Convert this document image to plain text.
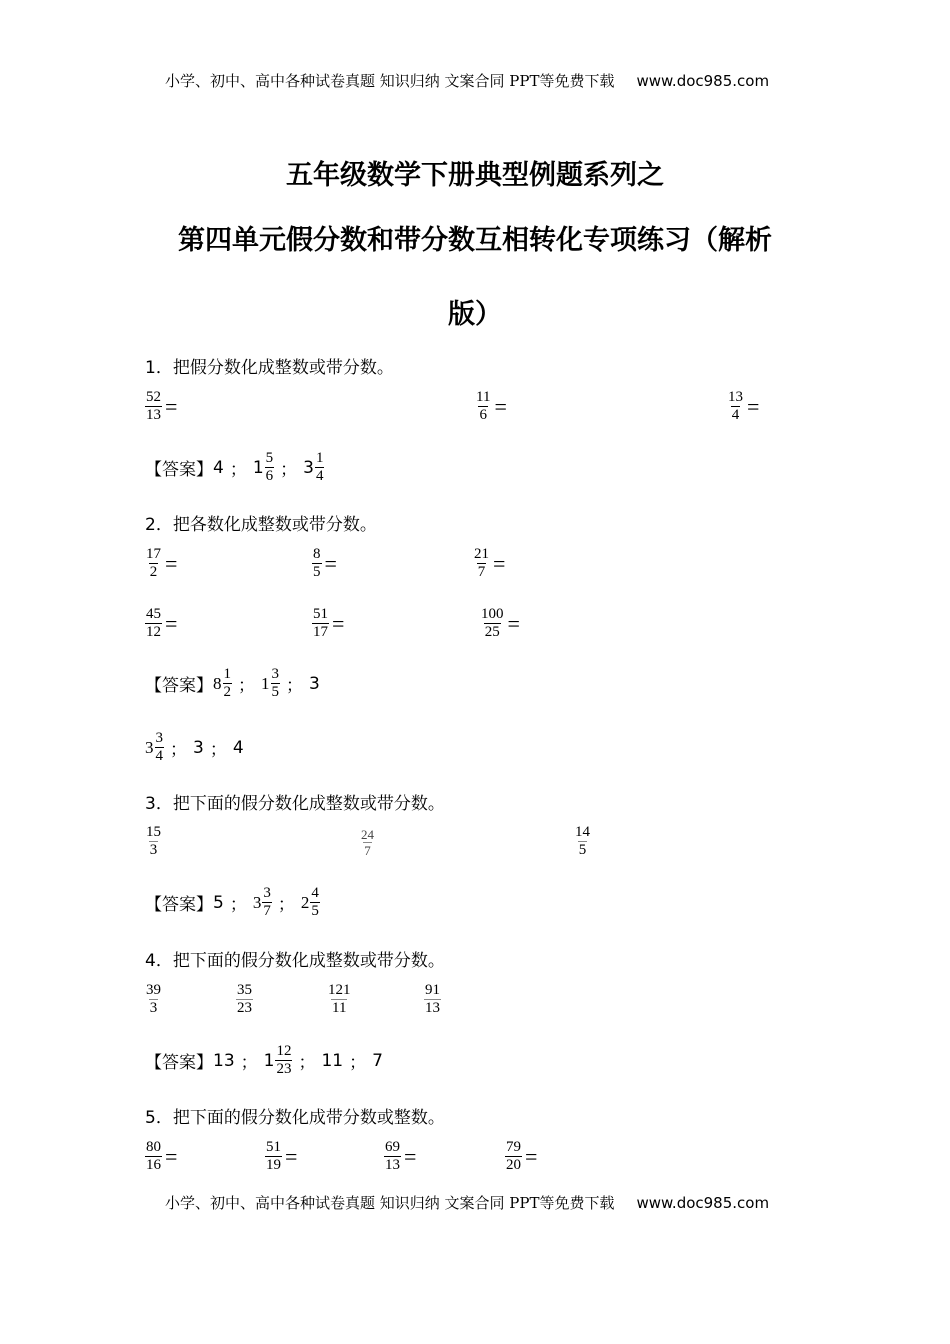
小学、初中、高中各种试卷真题 知识归纳 文案合同 PPT等免费下载 www.doc985.com
五年级数学下册典型例题系列之
第四单元假分数和带分数互相转化专项练习（解析
版）
1．把假分数化成整数或带分数。
$\frac{52}{13}$ =	$\frac{11}{6}$ =	$\frac{13}{4}$ =
【答案】 4 ； $1 \frac{5}{6}$ ； $3 \frac{1}{4}$
2．把各数化成整数或带分数。
$\frac{17}{2}$ =	$\frac{8}{5}$ =	$\frac{21}{7}$ =
$\frac{45}{12}$ =	$\frac{51}{17}$ =	$\frac{100}{25}$ =
【答案】 $8 \frac{1}{2}$ ； $1 \frac{3}{5}$ ； 3
$3 \frac{3}{4}$ ； 3 ； 4
3．把下面的假分数化成整数或带分数。
$\frac{15}{3}$	$\frac{24}{7}$	$\frac{14}{5}$
【答案】 5 ； $3 \frac{3}{7}$ ； $2 \frac{4}{5}$
4．把下面的假分数化成整数或带分数。
$\frac{39}{3}$	$\frac{35}{23}$	$\frac{121}{11}$	$\frac{91}{13}$
【答案】 13 ； $1 \frac{12}{23}$ ； 11 ； 7
5．把下面的假分数化成带分数或整数。
$\frac{80}{16}$ =	$\frac{51}{19}$ =	$\frac{69}{13}$ =	$\frac{79}{20}$ =
小学、初中、高中各种试卷真题 知识归纳 文案合同 PPT等免费下载 www.doc985.com
